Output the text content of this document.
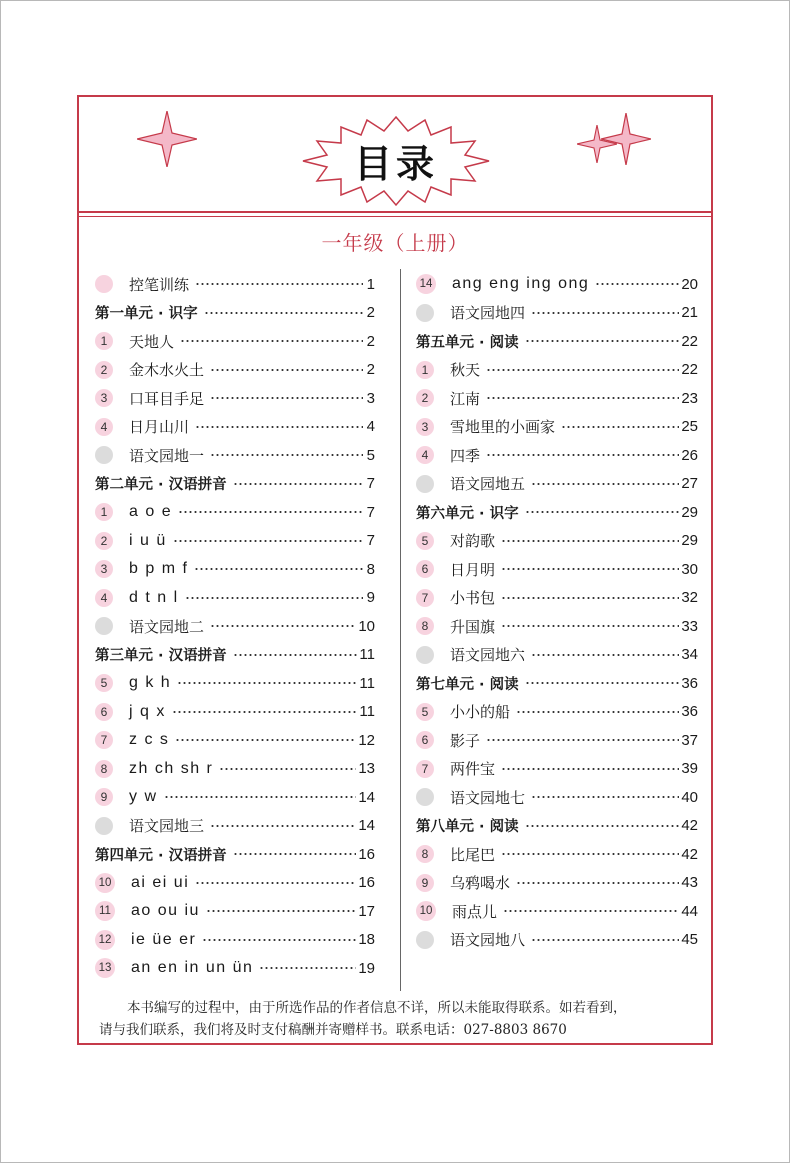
目录
一年级（上册）
控笔训练	1
第一单元 · 识字	2
1	天地人	2
2	金木水火土	2
3	口耳目手足	3
4	日月山川	4
语文园地一	5
第二单元 · 汉语拼音	7
1	a o e	7
2	i u ü	7
3	b p m f	8
4	d t n l	9
语文园地二	10
第三单元 · 汉语拼音	11
5	g k h	11
6	j q x	11
7	z c s	12
8	zh ch sh r	13
9	y w	14
语文园地三	14
第四单元 · 汉语拼音	16
10 ai ei ui	16
11 ao ou iu	17
12 ie üe er	18
13 an en in un ün	19
14 ang eng ing ong	20
语文园地四	21
第五单元 · 阅读	22
1	秋天	22
2	江南	23
3	雪地里的小画家	25
4	四季	26
语文园地五	27
第六单元 · 识字	29
5	对韵歌	29
6	日月明	30
7	小书包	32
8	升国旗	33
语文园地六	34
第七单元 · 阅读	36
5	小小的船	36
6	影子	37
7	两件宝	39
语文园地七	40
第八单元 · 阅读	42
8	比尾巴	42
9	乌鸦喝水	43
10 雨点儿	44
语文园地八	45
本书编写的过程中，由于所选作品的作者信息不详，所以未能取得联系。如若看到，
请与我们联系，我们将及时支付稿酬并寄赠样书。联系电话：027-8803 8670
